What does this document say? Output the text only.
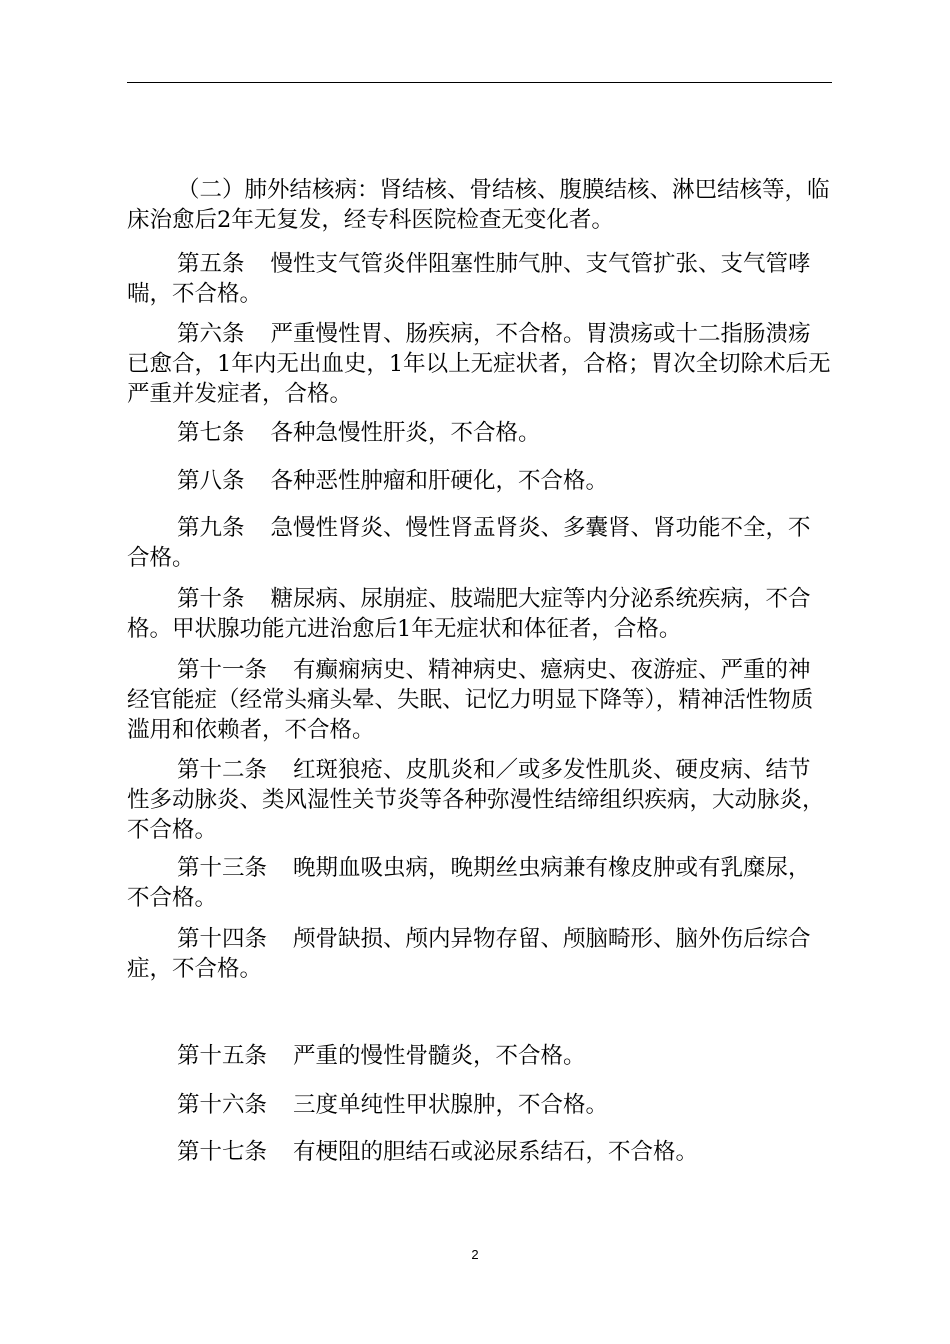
（二）肺外结核病：肾结核、骨结核、腹膜结核、淋巴结核等，临床治愈后2年无复发，经专科医院检查无变化者。

第五条 慢性支气管炎伴阻塞性肺气肿、支气管扩张、支气管哮喘，不合格。

第六条 严重慢性胃、肠疾病，不合格。胃溃疡或十二指肠溃疡已愈合，1年内无出血史，1年以上无症状者，合格；胃次全切除术后无严重并发症者，合格。

第七条 各种急慢性肝炎，不合格。

第八条 各种恶性肿瘤和肝硬化，不合格。

第九条 急慢性肾炎、慢性肾盂肾炎、多囊肾、肾功能不全，不合格。

第十条 糖尿病、尿崩症、肢端肥大症等内分泌系统疾病，不合格。甲状腺功能亢进治愈后1年无症状和体征者，合格。

第十一条 有癫痫病史、精神病史、癔病史、夜游症、严重的神经官能症（经常头痛头晕、失眠、记忆力明显下降等），精神活性物质滥用和依赖者，不合格。

第十二条 红斑狼疮、皮肌炎和／或多发性肌炎、硬皮病、结节性多动脉炎、类风湿性关节炎等各种弥漫性结缔组织疾病，大动脉炎，不合格。

第十三条 晚期血吸虫病，晚期丝虫病兼有橡皮肿或有乳糜尿，不合格。

第十四条 颅骨缺损、颅内异物存留、颅脑畸形、脑外伤后综合症，不合格。

第十五条 严重的慢性骨髓炎，不合格。

第十六条 三度单纯性甲状腺肿，不合格。

第十七条 有梗阻的胆结石或泌尿系结石，不合格。

2
